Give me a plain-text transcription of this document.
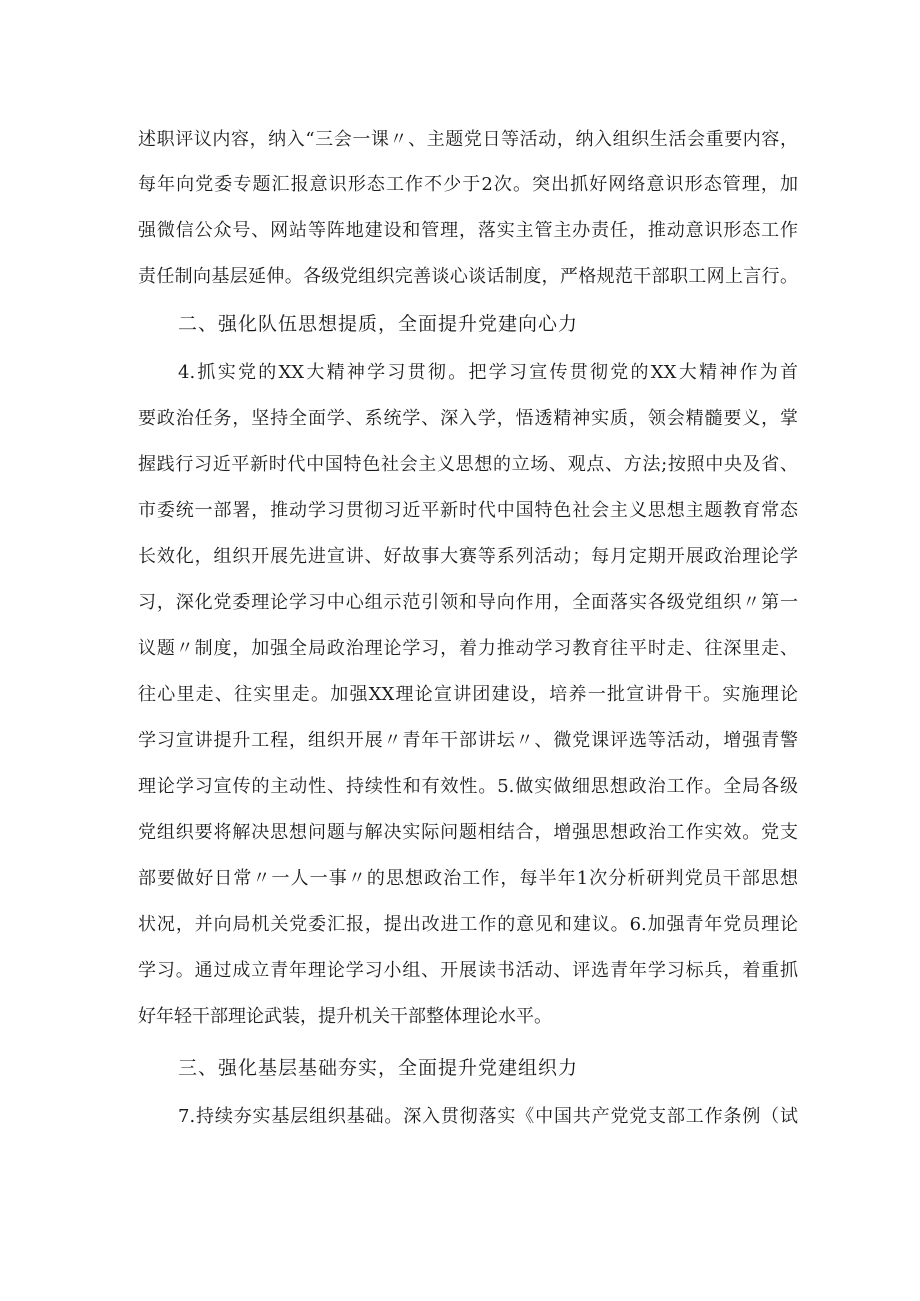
述职评议内容，纳入“三会一课〃、主题党日等活动，纳入组织生活会重要内容，
每年向党委专题汇报意识形态工作不少于2次。突出抓好网络意识形态管理，加
强微信公众号、网站等阵地建设和管理，落实主管主办责任，推动意识形态工作
责任制向基层延伸。各级党组织完善谈心谈话制度，严格规范干部职工网上言行。
二、强化队伍思想提质，全面提升党建向心力
4.抓实党的XX大精神学习贯彻。把学习宣传贯彻党的XX大精神作为首
要政治任务，坚持全面学、系统学、深入学，悟透精神实质，领会精髓要义，掌
握践行习近平新时代中国特色社会主义思想的立场、观点、方法;按照中央及省、
市委统一部署，推动学习贯彻习近平新时代中国特色社会主义思想主题教育常态
长效化，组织开展先进宣讲、好故事大赛等系列活动；每月定期开展政治理论学
习，深化党委理论学习中心组示范引领和导向作用，全面落实各级党组织〃第一
议题〃制度，加强全局政治理论学习，着力推动学习教育往平时走、往深里走、
往心里走、往实里走。加强XX理论宣讲团建设，培养一批宣讲骨干。实施理论
学习宣讲提升工程，组织开展〃青年干部讲坛〃、微党课评选等活动，增强青警
理论学习宣传的主动性、持续性和有效性。5.做实做细思想政治工作。全局各级
党组织要将解决思想问题与解决实际问题相结合，增强思想政治工作实效。党支
部要做好日常〃一人一事〃的思想政治工作，每半年1次分析研判党员干部思想
状况，并向局机关党委汇报，提出改进工作的意见和建议。6.加强青年党员理论
学习。通过成立青年理论学习小组、开展读书活动、评选青年学习标兵，着重抓
好年轻干部理论武装，提升机关干部整体理论水平。
三、强化基层基础夯实，全面提升党建组织力
7.持续夯实基层组织基础。深入贯彻落实《中国共产党党支部工作条例（试
